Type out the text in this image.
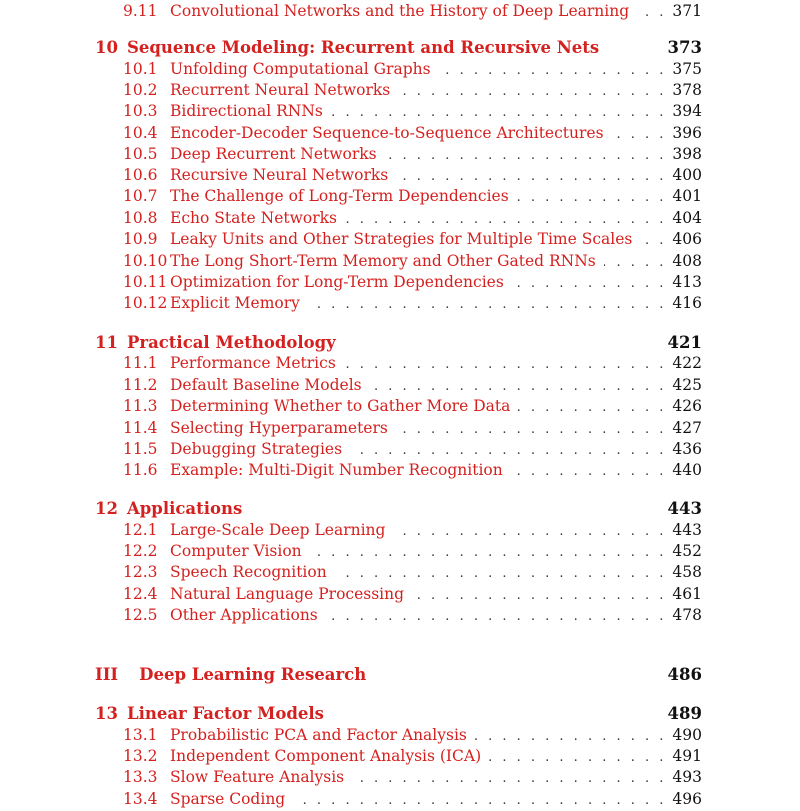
9.11 Convolutional Networks and the History of Deep Learning . . .	371
10 Sequence Modeling: Recurrent and Recursive Nets	373
10.1 Unfolding Computational Graphs . . .	375
10.2 Recurrent Neural Networks . . .	378
10.3 Bidirectional RNNs . . .	394
10.4 Encoder-Decoder Sequence-to-Sequence Architectures . . .	396
10.5 Deep Recurrent Networks . . .	398
10.6 Recursive Neural Networks . . .	400
10.7 The Challenge of Long-Term Dependencies . . .	401
10.8 Echo State Networks . . .	404
10.9 Leaky Units and Other Strategies for Multiple Time Scales . . .	406
10.10 The Long Short-Term Memory and Other Gated RNNs . . .	408
10.11 Optimization for Long-Term Dependencies . . .	413
10.12 Explicit Memory . . .	416
11 Practical Methodology	421
11.1 Performance Metrics . . .	422
11.2 Default Baseline Models . . .	425
11.3 Determining Whether to Gather More Data . . .	426
11.4 Selecting Hyperparameters . . .	427
11.5 Debugging Strategies . . .	436
11.6 Example: Multi-Digit Number Recognition . . .	440
12 Applications	443
12.1 Large-Scale Deep Learning . . .	443
12.2 Computer Vision . . .	452
12.3 Speech Recognition . . .	458
12.4 Natural Language Processing . . .	461
12.5 Other Applications . . .	478
III Deep Learning Research	486
13 Linear Factor Models	489
13.1 Probabilistic PCA and Factor Analysis . . .	490
13.2 Independent Component Analysis (ICA) . . .	491
13.3 Slow Feature Analysis . . .	493
13.4 Sparse Coding . . .	496
